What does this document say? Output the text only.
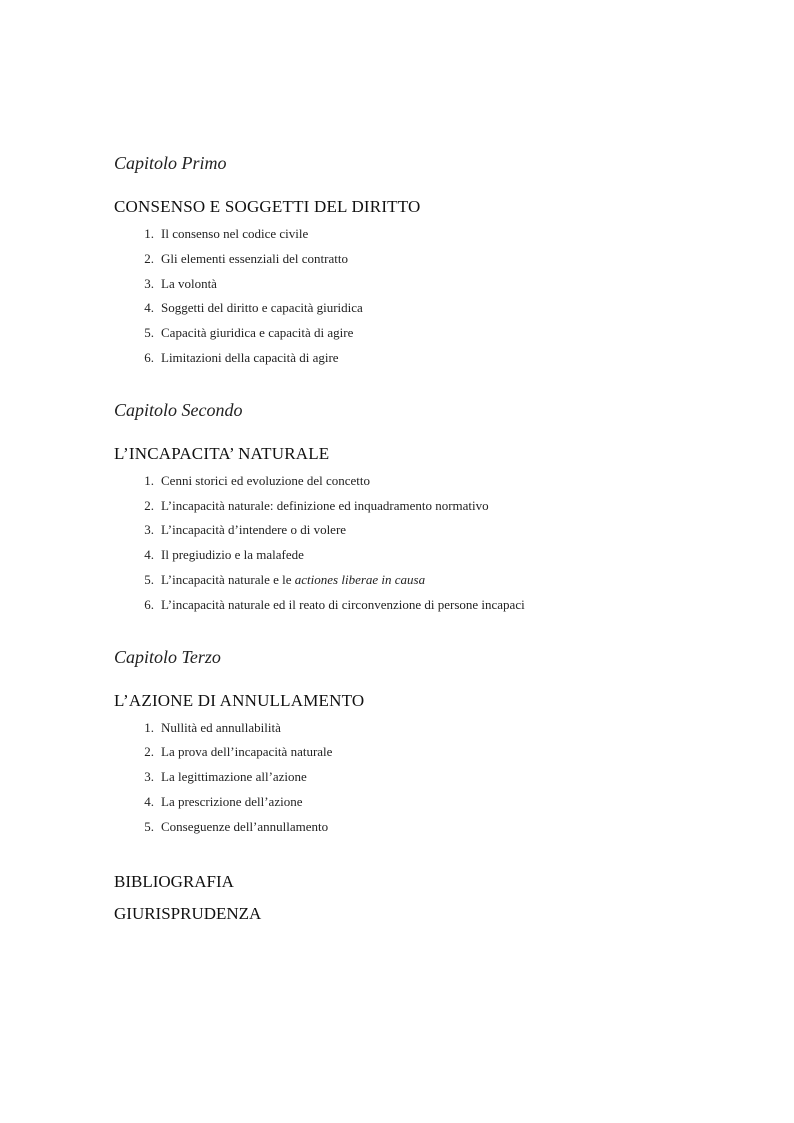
Capitolo Primo
CONSENSO E SOGGETTI DEL DIRITTO
1 . Il consenso nel codice civile
2 . Gli elementi essenziali del contratto
3 . La volontà
4 . Soggetti del diritto e capacità giuridica
5 . Capacità giuridica e capacità di agire
6 . Limitazioni della capacità di agire
Capitolo Secondo
L’INCAPACITA’ NATURALE
1 . Cenni storici ed evoluzione del concetto
2 . L’incapacità naturale: definizione ed inquadramento normativo
3 . L’incapacità d’intendere o di volere
4 . Il pregiudizio e la malafede
5 . L’incapacità naturale e le actiones liberae in causa
6 . L’incapacità naturale ed il reato di circonvenzione di persone incapaci
Capitolo Terzo
L’AZIONE DI ANNULLAMENTO
1 . Nullità ed annullabilità
2 . La prova dell’incapacità naturale
3 . La legittimazione all’azione
4 . La prescrizione dell’azione
5 . Conseguenze dell’annullamento
BIBLIOGRAFIA
GIURISPRUDENZA
